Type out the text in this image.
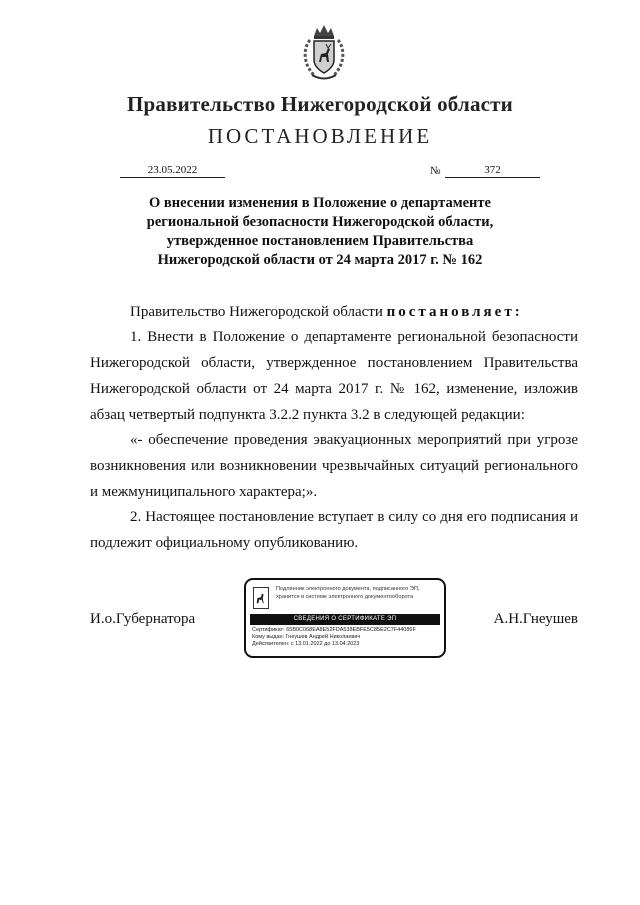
Правительство Нижегородской области
ПОСТАНОВЛЕНИЕ
23.05.2022	№	372
О внесении изменения в Положение о департаменте региональной безопасности Нижегородской области, утвержденное постановлением Правительства Нижегородской области от 24 марта 2017 г. № 162
Правительство Нижегородской области постановляет:
1. Внести в Положение о департаменте региональной безопасности Нижегородской области, утвержденное постановлением Правительства Нижегородской области от 24 марта 2017 г. № 162, изменение, изложив абзац четвертый подпункта 3.2.2 пункта 3.2 в следующей редакции:
«- обеспечение проведения эвакуационных мероприятий при угрозе возникновения или возникновении чрезвычайных ситуаций регионального и межмуниципального характера;».
2. Настоящее постановление вступает в силу со дня его подписания и подлежит официальному опубликованию.
И.о.Губернатора	А.Н.Гнеушев
Подлинник электронного документа, подписанного ЭП, хранится в системе электронного документооборота
СВЕДЕНИЯ О СЕРТИФИКАТЕ ЭП
Сертификат: 65B0C068EA8E52FDA538EBFE5C85E2C7F44086F
Кому выдан: Гнеушев Андрей Николаевич
Действителен: с 13.01.2022 до 13.04.2023
